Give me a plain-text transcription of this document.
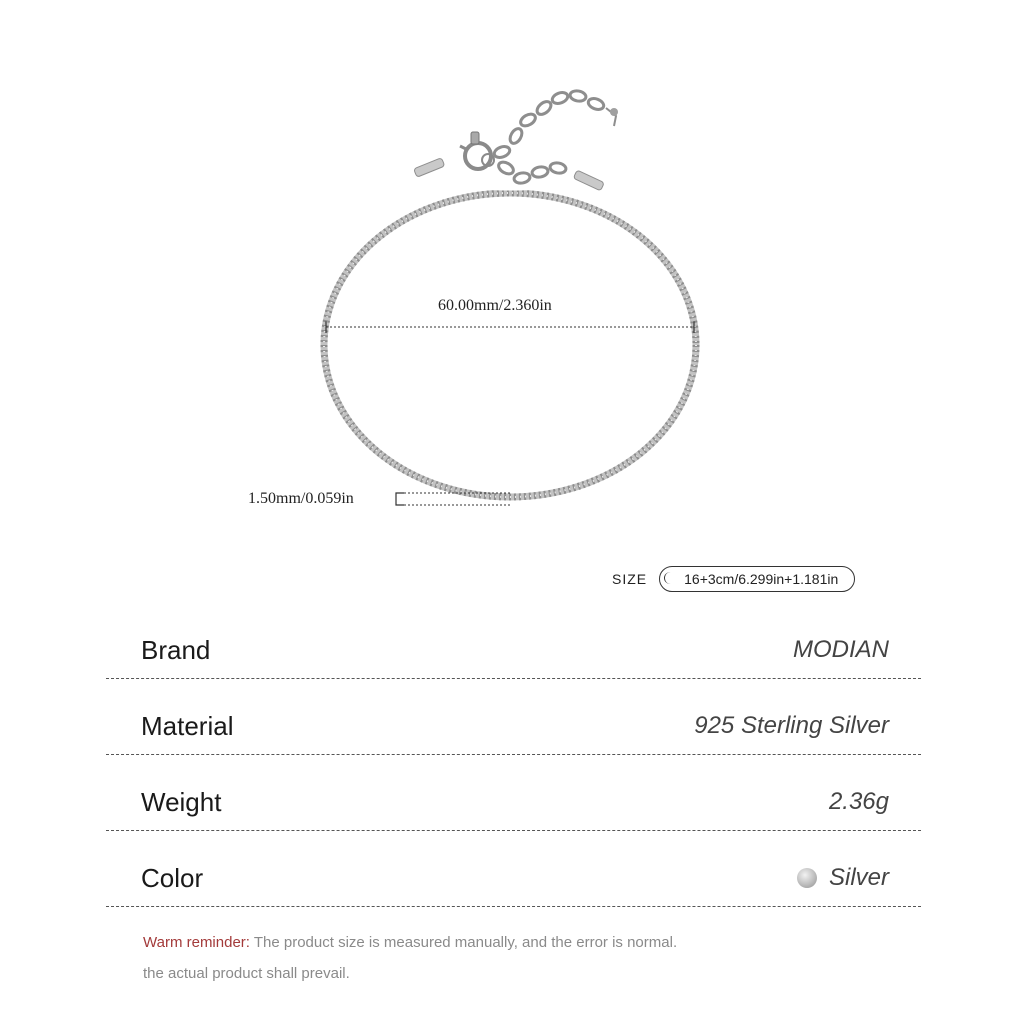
60.00mm/2.360in
1.50mm/0.059in
SIZE	16+3cm/6.299in+1.181in
Brand	MODIAN
Material	925 Sterling Silver
Weight	2.36g
Color	Silver
Warm reminder: The product size is measured manually, and the error is normal.
the actual product shall prevail.
